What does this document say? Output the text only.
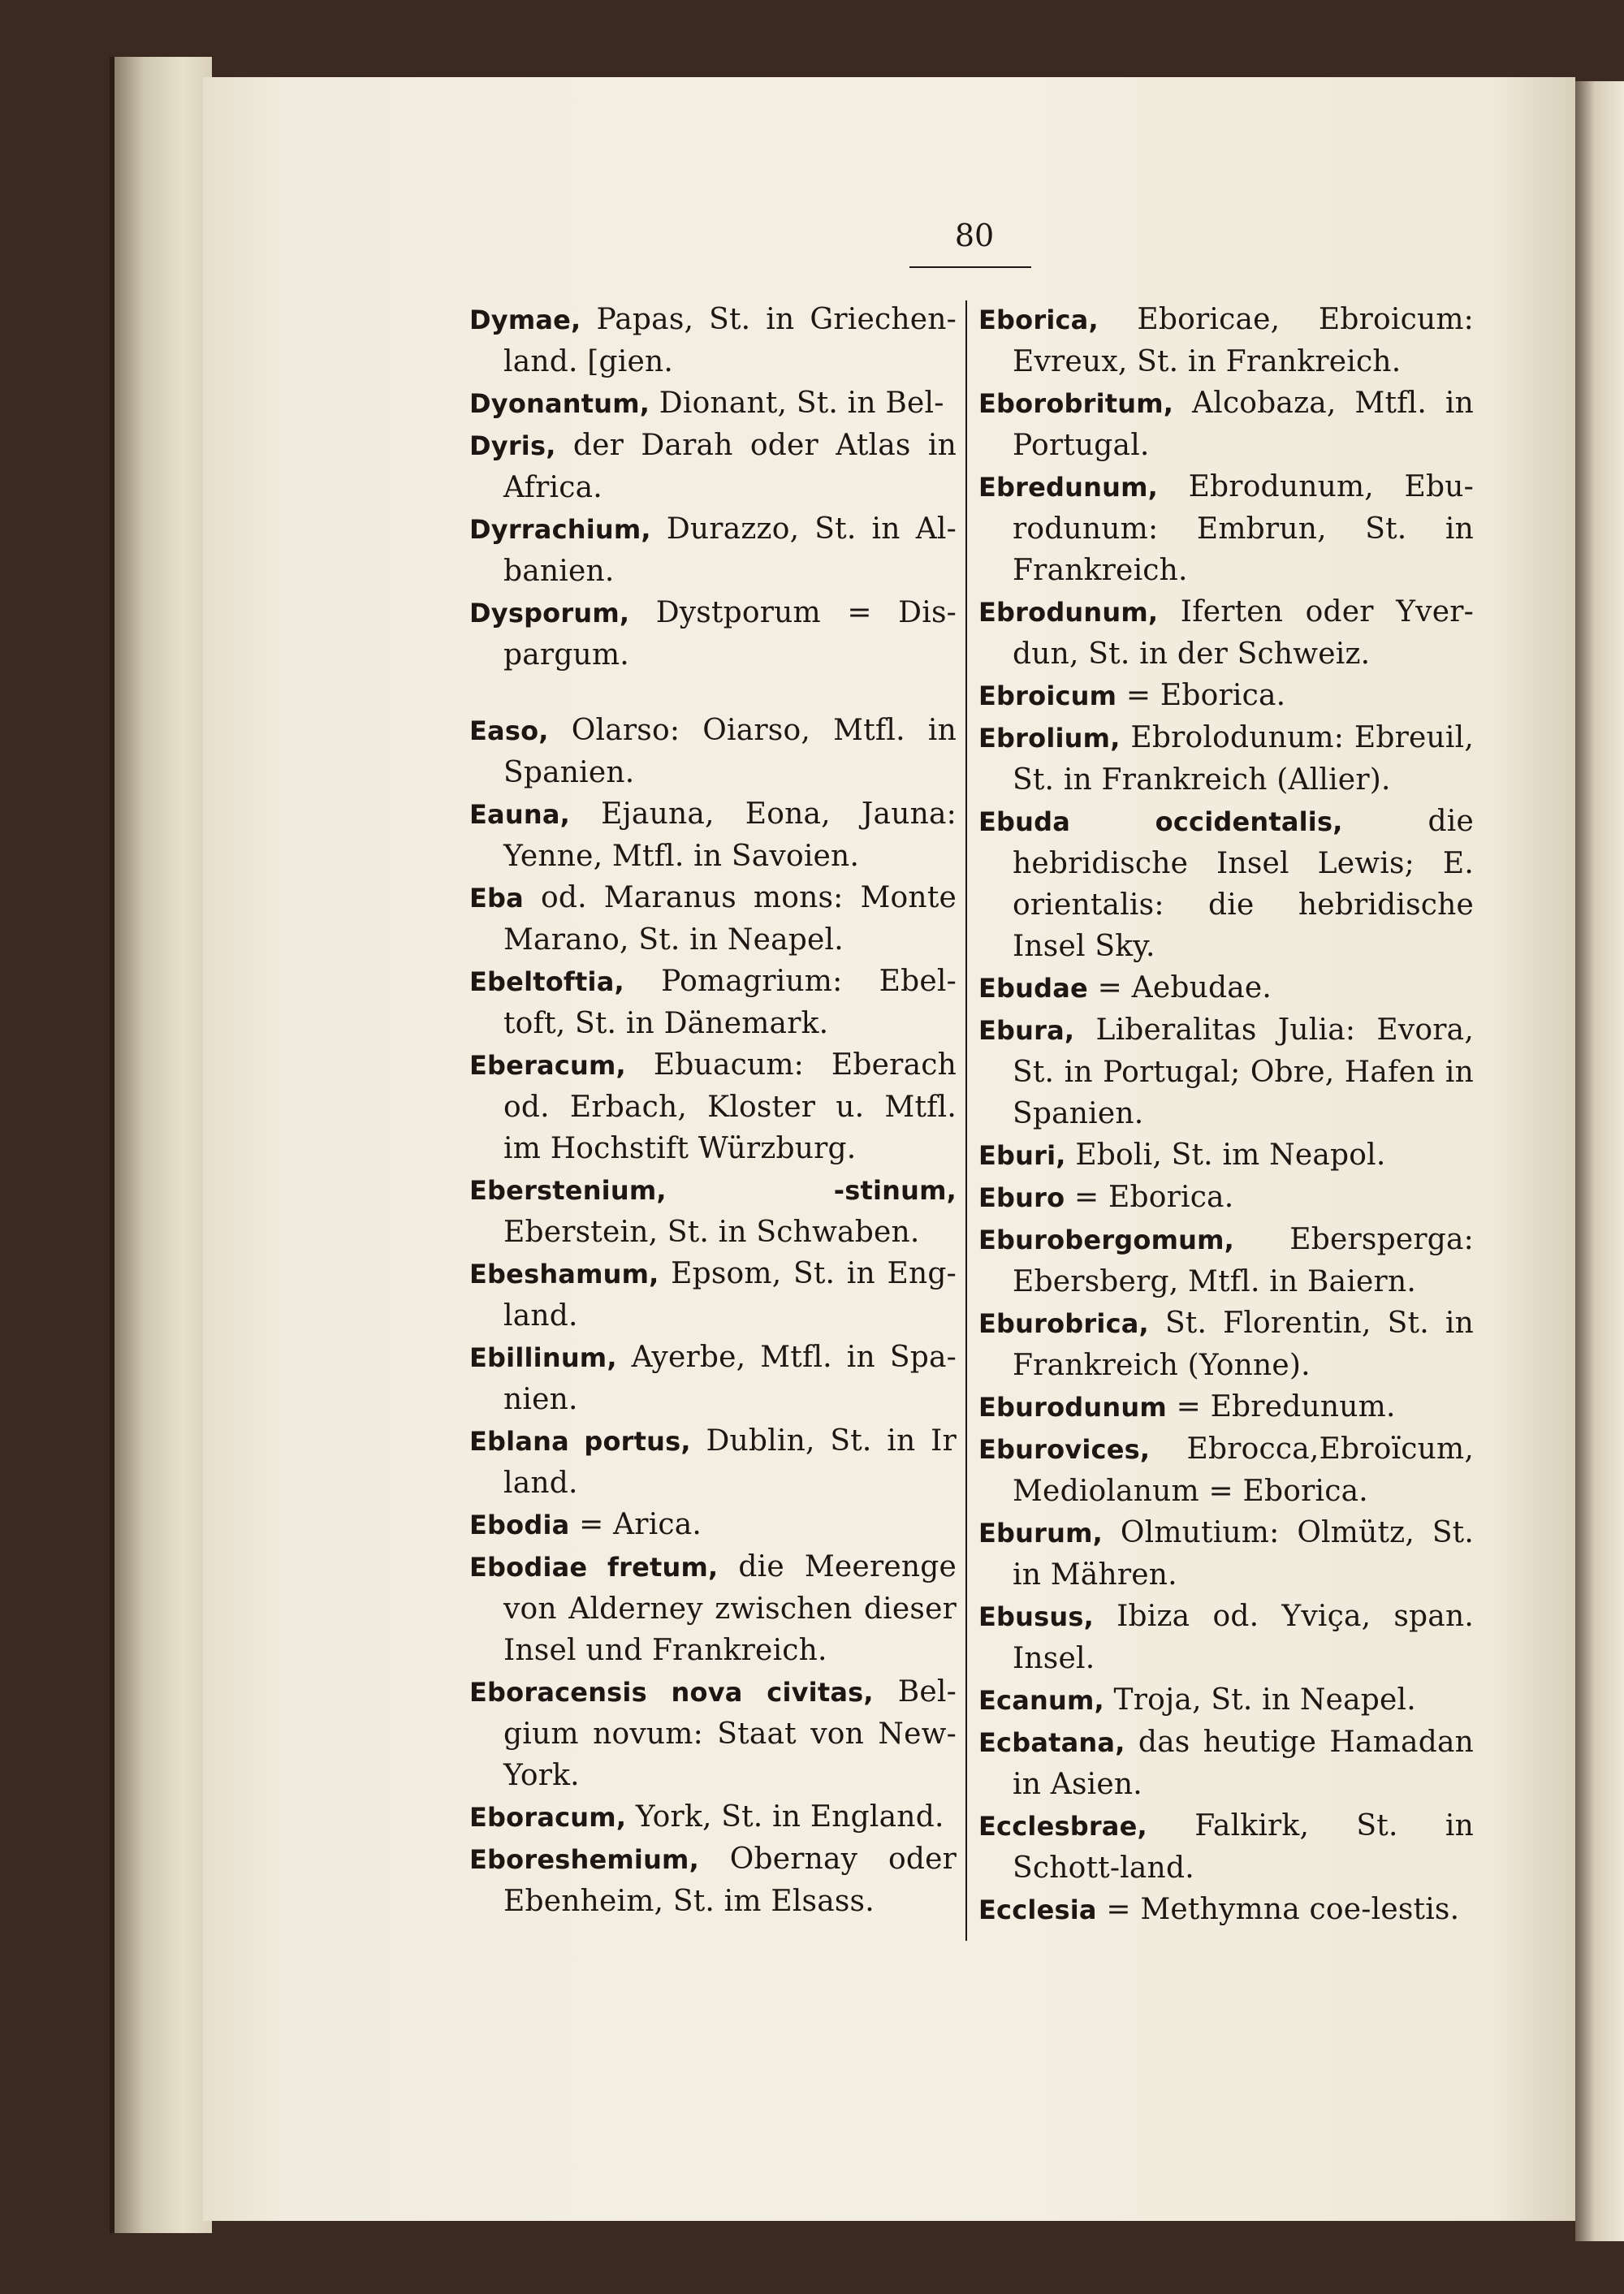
80

Dymae, Papas, St. in Griechen-land. [gien.

Dyonantum, Dionant, St. in Bel-

Dyris, der Darah oder Atlas in Africa.

Dyrrachium, Durazzo, St. in Al-banien.

Dysporum, Dystporum = Dis-pargum.

Easo, Olarso: Oiarso, Mtfl. in Spanien.

Eauna, Ejauna, Eona, Jauna: Yenne, Mtfl. in Savoien.

Eba od. Maranus mons: Monte Marano, St. in Neapel.

Ebeltoftia, Pomagrium: Ebel-toft, St. in Dänemark.

Eberacum, Ebuacum: Eberach od. Erbach, Kloster u. Mtfl. im Hochstift Würzburg.

Eberstenium, -stinum, Eberstein, St. in Schwaben.

Ebeshamum, Epsom, St. in Eng-land.

Ebillinum, Ayerbe, Mtfl. in Spa-nien.

Eblana portus, Dublin, St. in Ir land.

Ebodia = Arica.

Ebodiae fretum, die Meerenge von Alderney zwischen dieser Insel und Frankreich.

Eboracensis nova civitas, Bel-gium novum: Staat von New-York.

Eboracum, York, St. in England.

Eboreshemium, Obernay oder Ebenheim, St. im Elsass.

Eborica, Eboricae, Ebroicum: Evreux, St. in Frankreich.

Eborobritum, Alcobaza, Mtfl. in Portugal.

Ebredunum, Ebrodunum, Ebu-rodunum: Embrun, St. in Frankreich.

Ebrodunum, Iferten oder Yver-dun, St. in der Schweiz.

Ebroicum = Eborica.

Ebrolium, Ebrolodunum: Ebreuil, St. in Frankreich (Allier).

Ebuda occidentalis,	die hebridische Insel Lewis; E. orientalis: die hebridische Insel Sky.

Ebudae = Aebudae.

Ebura, Liberalitas Julia: Evora, St. in Portugal; Obre, Hafen in Spanien.

Eburi, Eboli, St. im Neapol.

Eburo = Eborica.

Eburobergomum, Ebersperga: Ebersberg, Mtfl. in Baiern.

Eburobrica, St. Florentin, St. in Frankreich (Yonne).

Eburodunum = Ebredunum.

Eburovices, Ebrocca,Ebroïcum, Mediolanum = Eborica.

Eburum, Olmutium: Olmütz, St. in Mähren.

Ebusus, Ibiza od. Yviça, span. Insel.

Ecanum, Troja, St. in Neapel.

Ecbatana, das heutige Hamadan in Asien.

Ecclesbrae, Falkirk, St. in Schott-land.

Ecclesia = Methymna coe-lestis.
